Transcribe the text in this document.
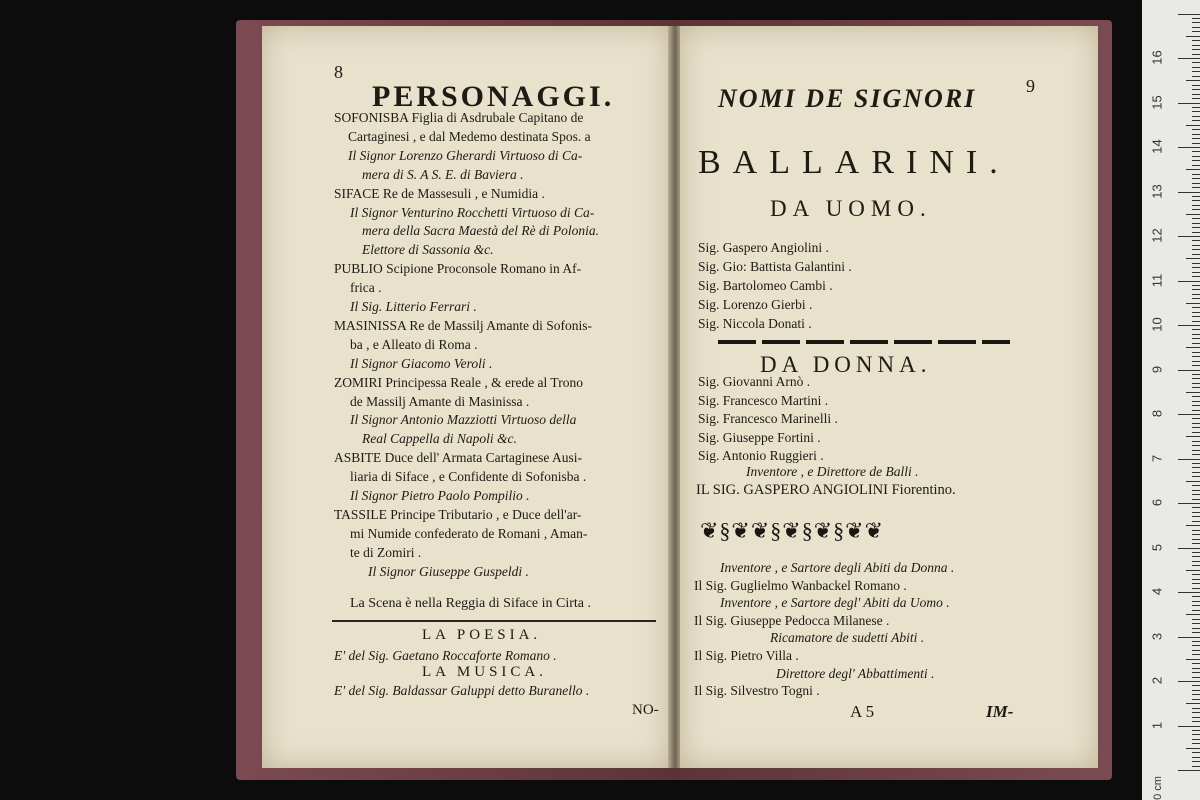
8
PERSONAGGI.
SOFONISBA Figlia di Asdrubale Capitano de
Cartaginesi , e dal Medemo destinata Spos. a
Il Signor Lorenzo Gherardi Virtuoso di Ca-
mera di S. A S. E. di Baviera .
SIFACE Re de Massesuli , e Numidia .
Il Signor Venturino Rocchetti Virtuoso di Ca-
mera della Sacra Maestà del Rè di Polonia.
Elettore di Sassonia &c.
PUBLIO Scipione Proconsole Romano in Af-
frica .
Il Sig. Litterio Ferrari .
MASINISSA Re de Massilj Amante di Sofonis-
ba , e Alleato di Roma .
Il Signor Giacomo Veroli .
ZOMIRI Principessa Reale , & erede al Trono
de Massilj Amante di Masinissa .
Il Signor Antonio Mazziotti Virtuoso della
Real Cappella di Napoli &c.
ASBITE Duce dell' Armata Cartaginese Ausi-
liaria di Siface , e Confidente di Sofonisba .
Il Signor Pietro Paolo Pompilio .
TASSILE Principe Tributario , e Duce dell'ar-
mi Numide confederato de Romani , Aman-
te di Zomiri .
Il Signor Giuseppe Guspeldi .
La Scena è nella Reggia di Siface in Cirta .
LA POESIA.
E' del Sig. Gaetano Roccaforte Romano .
LA MUSICA.
E' del Sig. Baldassar Galuppi detto Buranello .
NO-
NOMI DE SIGNORI	9
BALLARINI.
DA UOMO.
Sig. Gaspero Angiolini .
Sig. Gio: Battista Galantini .
Sig. Bartolomeo Cambi .
Sig. Lorenzo Gierbi .
Sig. Niccola Donati .
DA DONNA.
Sig. Giovanni Arnò .
Sig. Francesco Martini .
Sig. Francesco Marinelli .
Sig. Giuseppe Fortini .
Sig. Antonio Ruggieri .
Inventore , e Direttore de Balli .
IL SIG. GASPERO ANGIOLINI Fiorentino.
❦§❦❦§❦§❦§❦❦
Inventore , e Sartore degli Abiti da Donna .
Il Sig. Guglielmo Wanbackel Romano .
Inventore , e Sartore degl' Abiti da Uomo .
Il Sig. Giuseppe Pedocca Milanese .
Ricamatore de sudetti Abiti .
Il Sig. Pietro Villa .
Direttore degl' Abbattimenti .
Il Sig. Silvestro Togni .
A 5	IM-
16
15
14
13
12
11
10
9
8
7
6
5
4
3
2
1
0 cm
